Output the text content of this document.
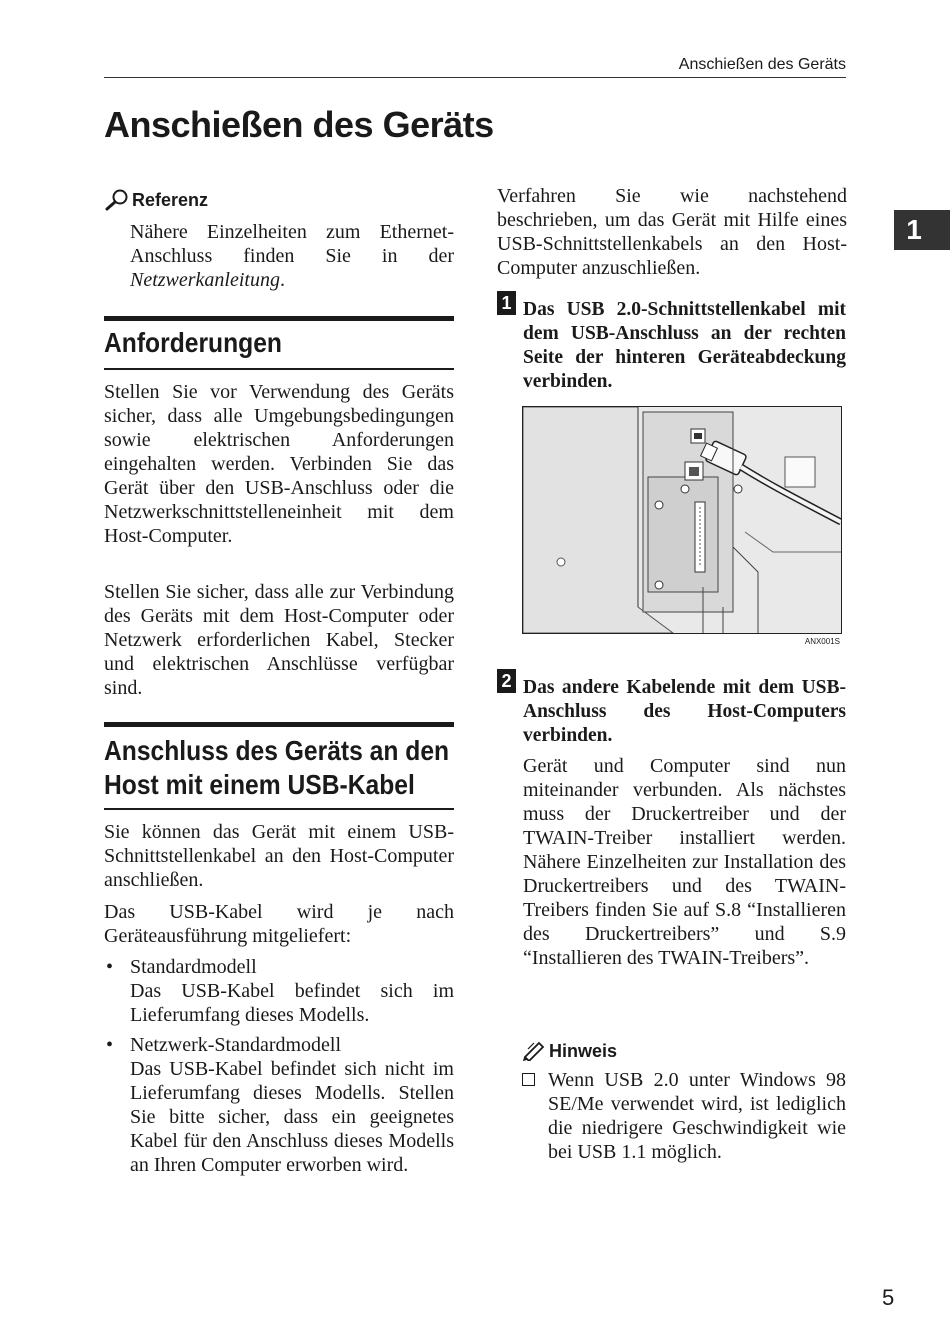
Anschießen des Geräts
Anschießen des Geräts
1
Referenz

Nähere Einzelheiten zum Ethernet-Anschluss finden Sie in der Netzwerkanleitung.

Anforderungen

Stellen Sie vor Verwendung des Geräts sicher, dass alle Umgebungsbedingungen sowie elektrischen Anforderungen eingehalten werden. Verbinden Sie das Gerät über den USB-Anschluss oder die Netzwerkschnittstelleneinheit mit dem Host-Computer.

Stellen Sie sicher, dass alle zur Verbindung des Geräts mit dem Host-Computer oder Netzwerk erforderlichen Kabel, Stecker und elektrischen Anschlüsse verfügbar sind.

Anschluss des Geräts an den
Host mit einem USB-Kabel

Sie können das Gerät mit einem USB-Schnittstellenkabel an den Host-Computer anschließen.

Das USB-Kabel wird je nach Geräteausführung mitgeliefert:

• Standardmodell
Das USB-Kabel befindet sich im Lieferumfang dieses Modells.
• Netzwerk-Standardmodell
Das USB-Kabel befindet sich nicht im Lieferumfang dieses Modells. Stellen Sie bitte sicher, dass ein geeignetes Kabel für den Anschluss dieses Modells an Ihren Computer erworben wird.

Verfahren Sie wie nachstehend beschrieben, um das Gerät mit Hilfe eines USB-Schnittstellenkabels an den Host-Computer anzuschließen.

1 Das USB 2.0-Schnittstellenkabel mit dem USB-Anschluss an der rechten Seite der hinteren Geräteabdeckung verbinden.

ANX001S
2 Das andere Kabelende mit dem USB-Anschluss des Host-Computers verbinden.

Gerät und Computer sind nun miteinander verbunden. Als nächstes muss der Druckertreiber und der TWAIN-Treiber installiert werden. Nähere Einzelheiten zur Installation des Druckertreibers und des TWAIN-Treibers finden Sie auf S.8 “Installieren des Druckertreibers” und S.9 “Installieren des TWAIN-Treibers”.

Hinweis

Wenn USB 2.0 unter Windows 98 SE/Me verwendet wird, ist lediglich die niedrigere Geschwindigkeit wie bei USB 1.1 möglich.

5
